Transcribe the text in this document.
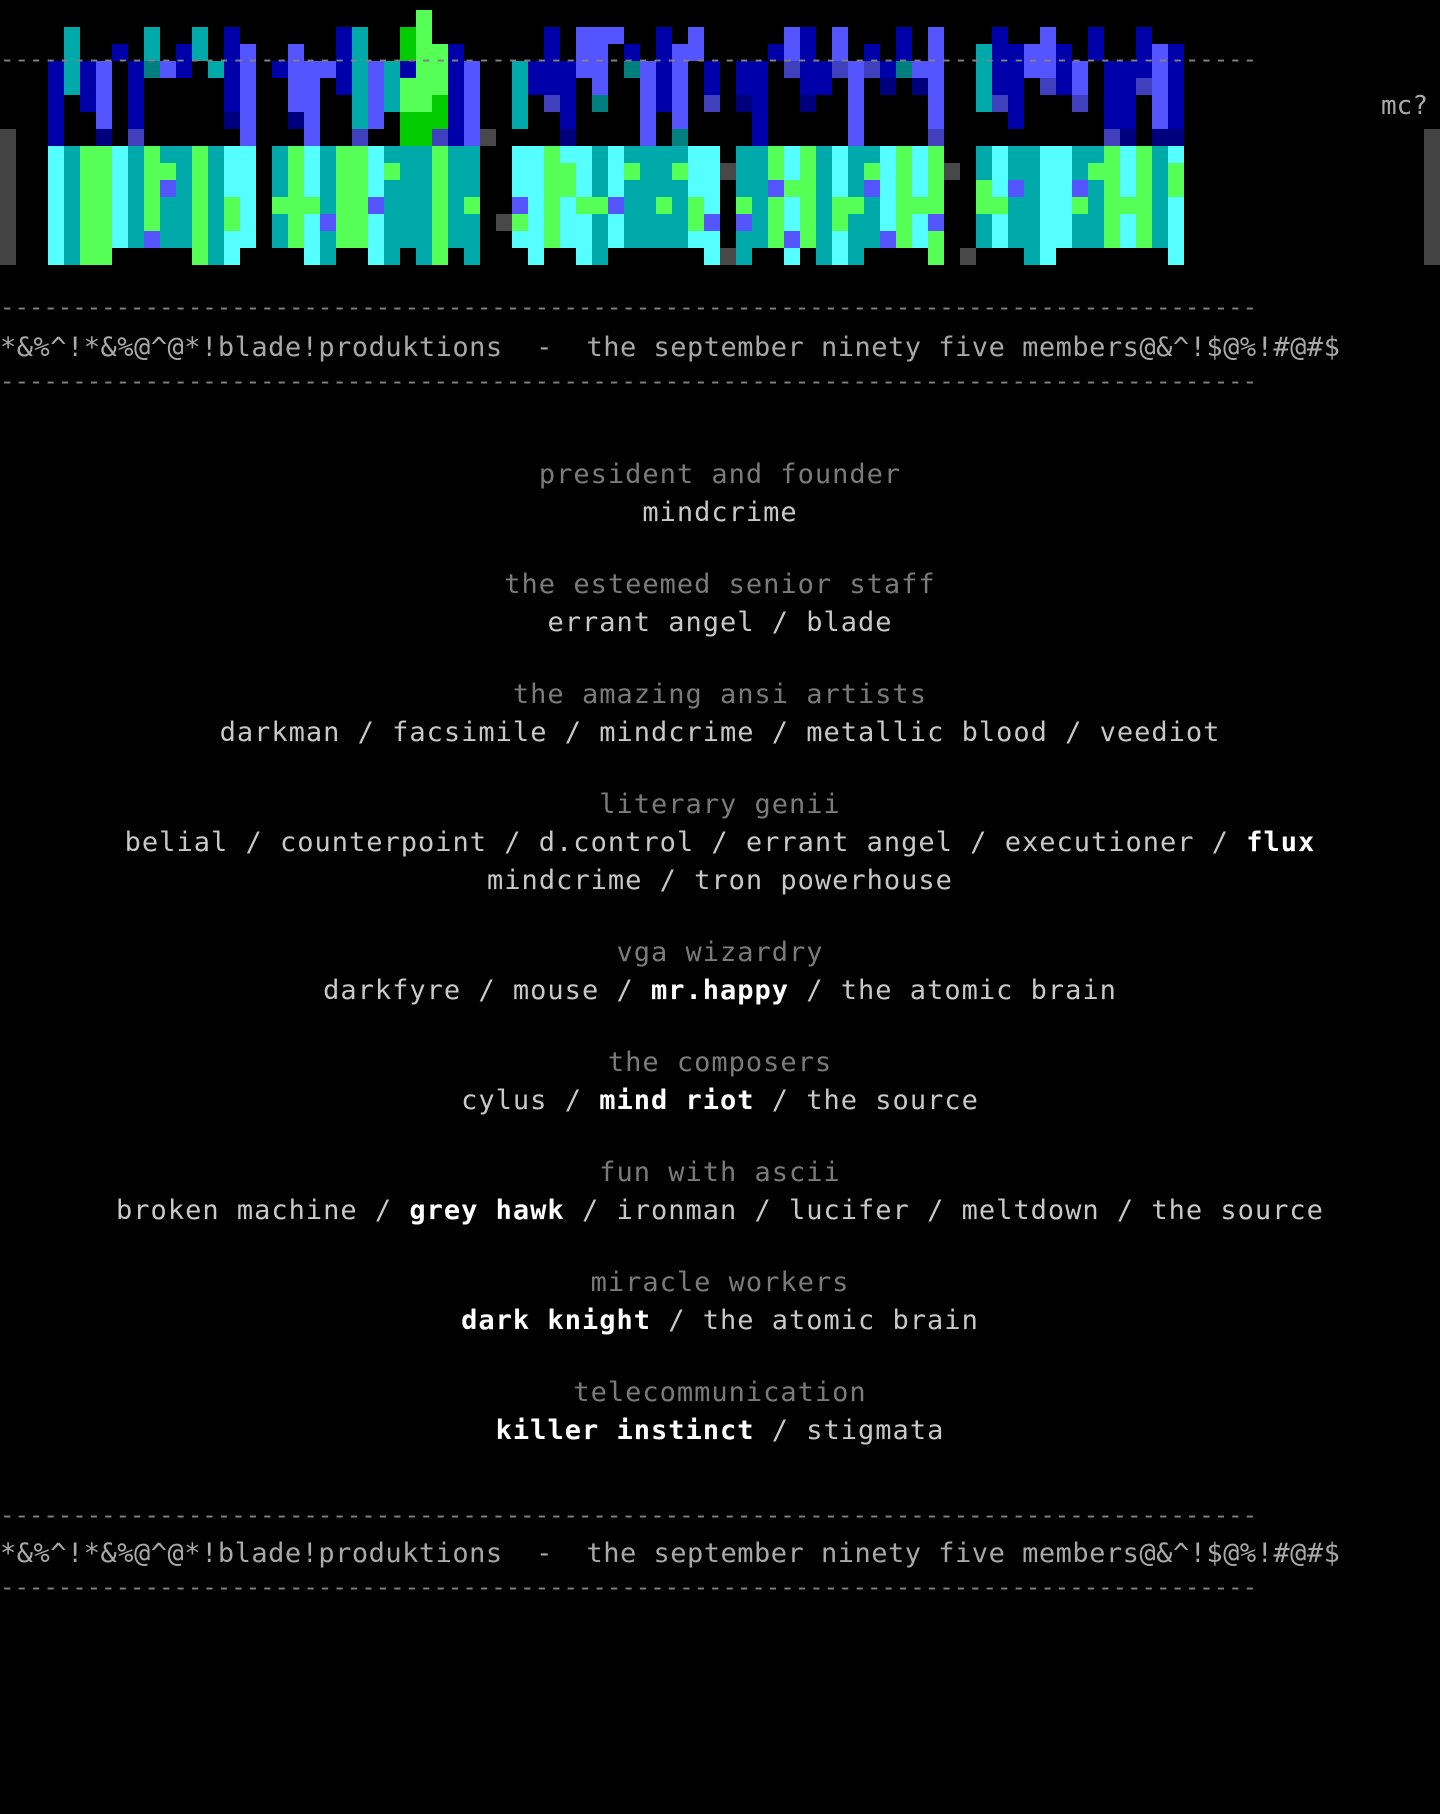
---------------------------------------------------------------------------------------
---------------------------------------------------------------------------------------
mc?
*&%^!*&%@^@*!blade!produktions  -  the september ninety five members@&^!$@%!#@#$
---------------------------------------------------------------------------------------
president and founder
mindcrime
the esteemed senior staff
errant angel / blade
the amazing ansi artists
darkman / facsimile / mindcrime / metallic blood / veediot
literary genii
belial / counterpoint / d.control / errant angel / executioner / flux
mindcrime / tron powerhouse
vga wizardry
darkfyre / mouse / mr.happy / the atomic brain
the composers
cylus / mind riot / the source
fun with ascii
broken machine / grey hawk / ironman / lucifer / meltdown / the source
miracle workers
dark knight / the atomic brain
telecommunication
killer instinct / stigmata
---------------------------------------------------------------------------------------
*&%^!*&%@^@*!blade!produktions  -  the september ninety five members@&^!$@%!#@#$
---------------------------------------------------------------------------------------
